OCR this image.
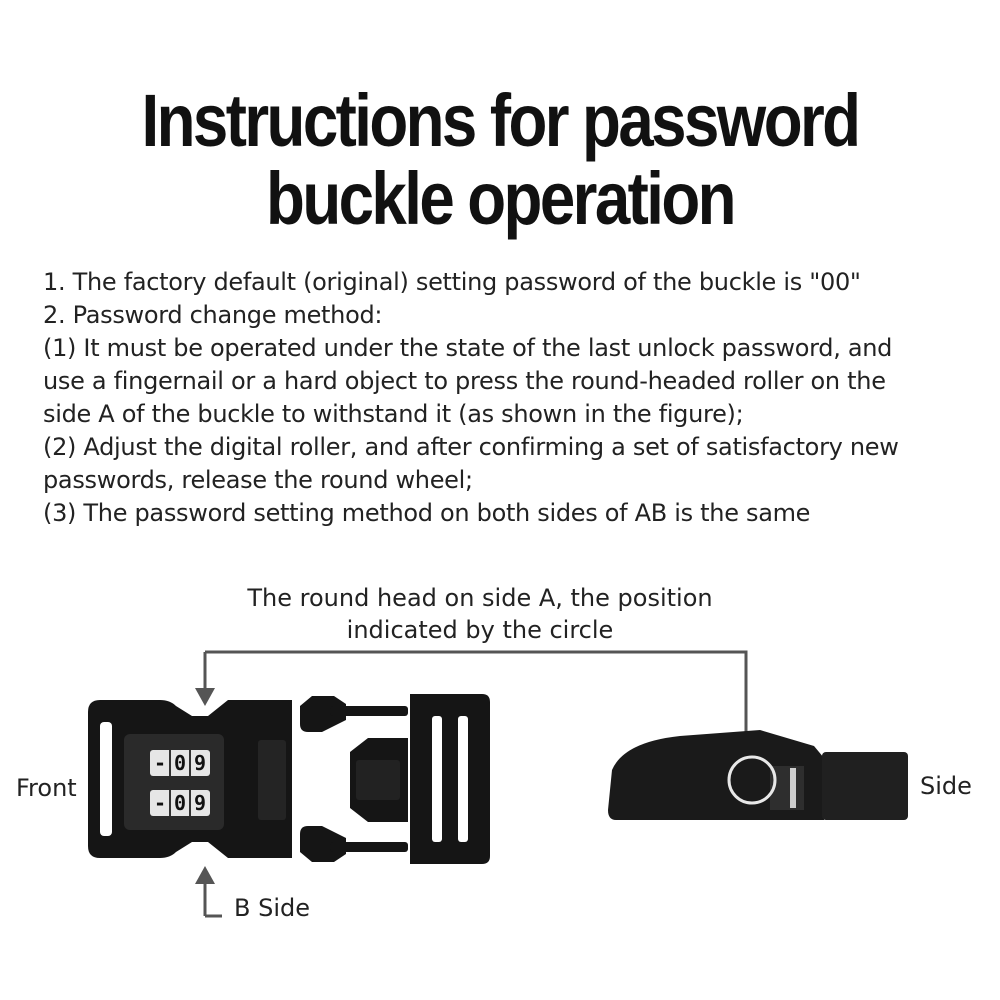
Instructions for password
buckle operation
1. The factory default (original) setting password of the buckle is "00"
2. Password change method:
(1) It must be operated under the state of the last unlock password, and
use a fingernail or a hard object to press the round-headed roller on the
side A of the buckle to withstand it (as shown in the figure);
(2) Adjust the digital roller, and after confirming a set of satisfactory new
passwords, release the round wheel;
(3) The password setting method on both sides of AB is the same
The round head on side A, the position
indicated by the circle
- 0 9
- 0 9
Front
B Side
Side
